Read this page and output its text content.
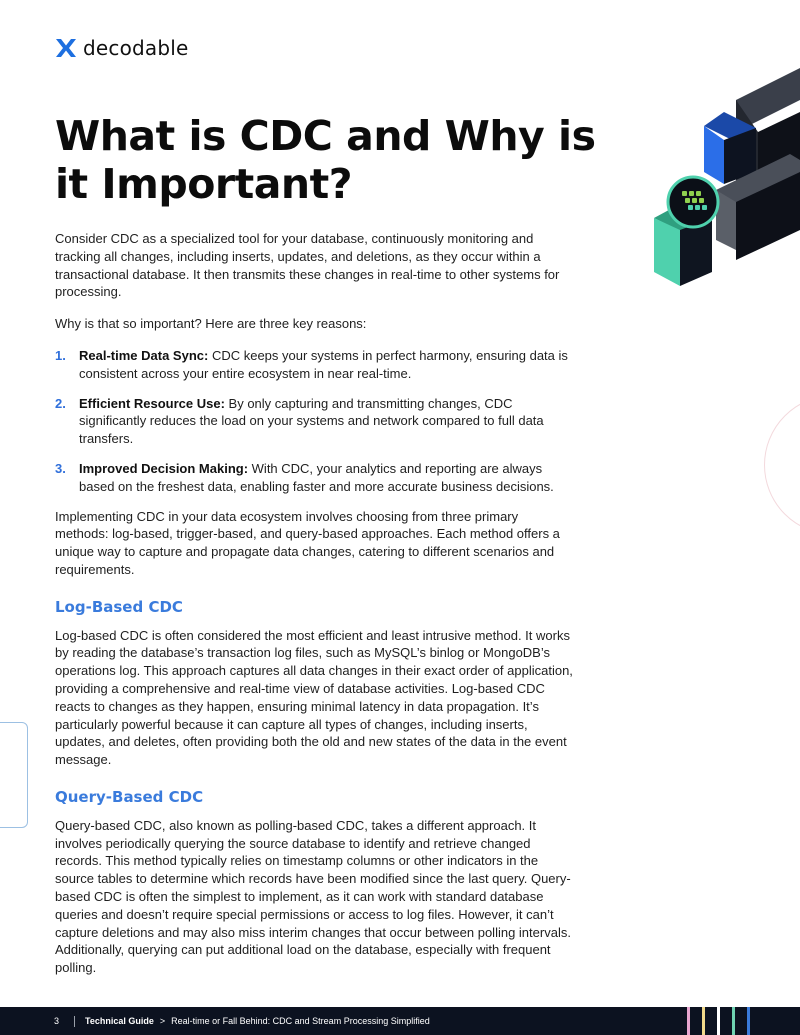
decodable
What is CDC and Why is it Important?

Consider CDC as a specialized tool for your database, continuously monitoring and tracking all changes, including inserts, updates, and deletions, as they occur within a transactional database. It then transmits these changes in real-time to other systems for processing.

Why is that so important? Here are three key reasons:

1. Real-time Data Sync: CDC keeps your systems in perfect harmony, ensuring data is consistent across your entire ecosystem in near real-time.
2. Efficient Resource Use: By only capturing and transmitting changes, CDC significantly reduces the load on your systems and network compared to full data transfers.
3. Improved Decision Making: With CDC, your analytics and reporting are always based on the freshest data, enabling faster and more accurate business decisions.

Implementing CDC in your data ecosystem involves choosing from three primary methods: log-based, trigger-based, and query-based approaches. Each method offers a unique way to capture and propagate data changes, catering to different scenarios and requirements.

Log-Based CDC

Log-based CDC is often considered the most efficient and least intrusive method. It works by reading the database’s transaction log files, such as MySQL’s binlog or MongoDB’s operations log. This approach captures all data changes in their exact order of application, providing a comprehensive and real-time view of database activities. Log-based CDC reacts to changes as they happen, ensuring minimal latency in data propagation. It’s particularly powerful because it can capture all types of changes, including inserts, updates, and deletes, often providing both the old and new states of the data in the event message.

Query-Based CDC

Query-based CDC, also known as polling-based CDC, takes a different approach. It involves periodically querying the source database to identify and retrieve changed records. This method typically relies on timestamp columns or other indicators in the source tables to determine which records have been modified since the last query. Query-based CDC is often the simplest to implement, as it can work with standard database queries and doesn’t require special permissions or access to log files. However, it can’t capture deletions and may also miss interim changes that occur between polling intervals. Additionally, querying can put additional load on the database, especially with frequent polling.

3	Technical Guide > Real-time or Fall Behind: CDC and Stream Processing Simplified
